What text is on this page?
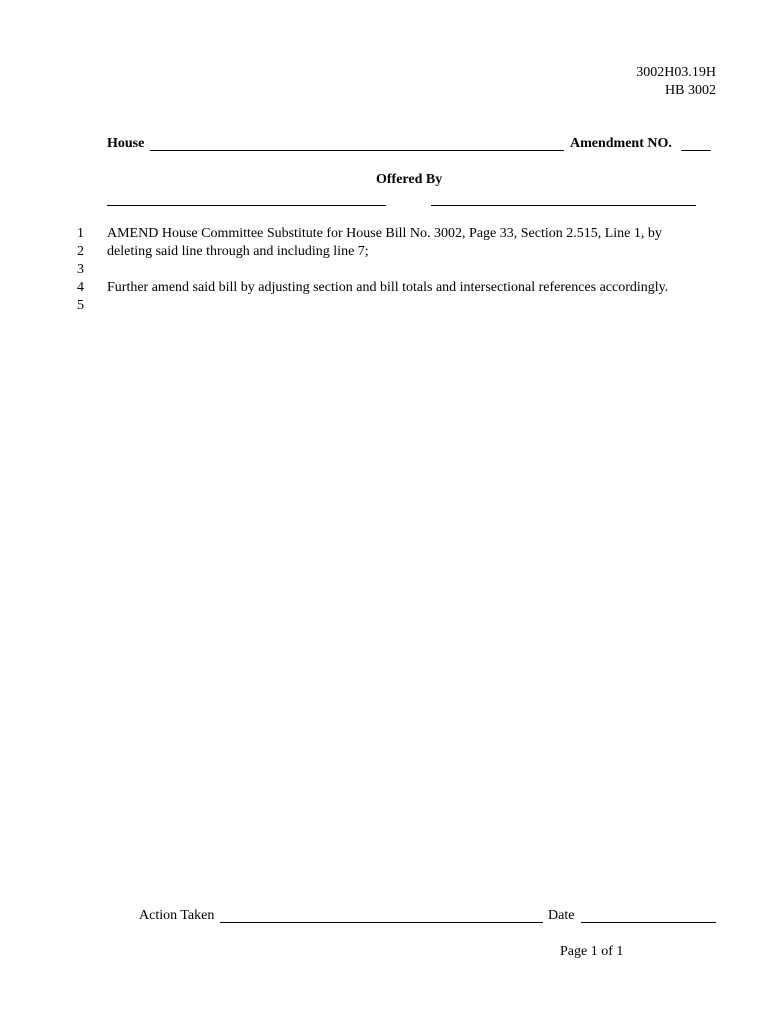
3002H03.19H
HB 3002
House	Amendment NO.
Offered By
1
2
3
4
5
AMEND House Committee Substitute for House Bill No. 3002, Page 33, Section 2.515, Line 1, by
deleting said line through and including line 7;
Further amend said bill by adjusting section and bill totals and intersectional references accordingly.
Action Taken	Date
Page 1 of 1
